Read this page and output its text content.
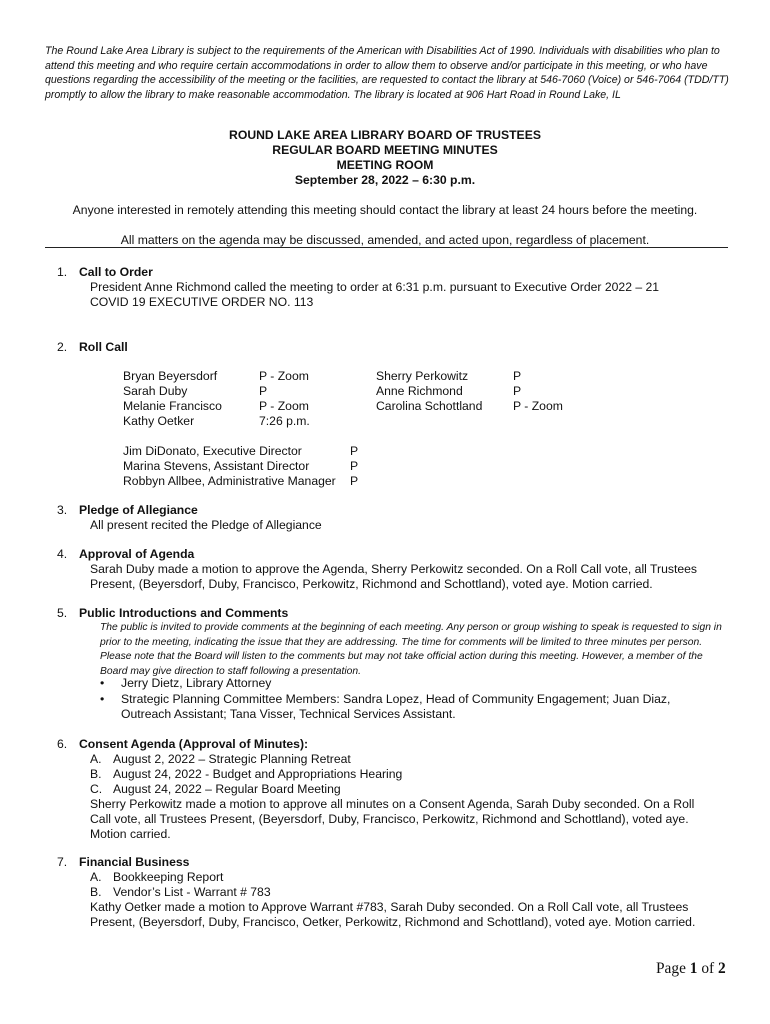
The Round Lake Area Library is subject to the requirements of the American with Disabilities Act of 1990. Individuals with disabilities who plan to attend this meeting and who require certain accommodations in order to allow them to observe and/or participate in this meeting, or who have questions regarding the accessibility of the meeting or the facilities, are requested to contact the library at 546-7060 (Voice) or 546-7064 (TDD/TT) promptly to allow the library to make reasonable accommodation. The library is located at 906 Hart Road in Round Lake, IL
ROUND LAKE AREA LIBRARY BOARD OF TRUSTEES
REGULAR BOARD MEETING MINUTES
MEETING ROOM
September 28, 2022 – 6:30 p.m.
Anyone interested in remotely attending this meeting should contact the library at least 24 hours before the meeting.
All matters on the agenda may be discussed, amended, and acted upon, regardless of placement.
1. Call to Order
President Anne Richmond called the meeting to order at 6:31 p.m. pursuant to Executive Order 2022 – 21
COVID 19 EXECUTIVE ORDER NO. 113
2. Roll Call
Bryan Beyersdorf
Sarah Duby
Melanie Francisco
Kathy Oetker
P - Zoom
P
P - Zoom
7:26 p.m.
Sherry Perkowitz
Anne Richmond
Carolina Schottland
P
P
P - Zoom
Jim DiDonato, Executive Director
Marina Stevens, Assistant Director
Robbyn Allbee, Administrative Manager
P
P
P
3. Pledge of Allegiance
All present recited the Pledge of Allegiance
4. Approval of Agenda
Sarah Duby made a motion to approve the Agenda, Sherry Perkowitz seconded. On a Roll Call vote, all Trustees
Present, (Beyersdorf, Duby, Francisco, Perkowitz, Richmond and Schottland), voted aye. Motion carried.
5. Public Introductions and Comments
The public is invited to provide comments at the beginning of each meeting. Any person or group wishing to speak is requested to sign in prior to the meeting, indicating the issue that they are addressing. The time for comments will be limited to three minutes per person. Please note that the Board will listen to the comments but may not take official action during this meeting. However, a member of the Board may give direction to staff following a presentation.
•	Jerry Dietz, Library Attorney
•	Strategic Planning Committee Members: Sandra Lopez, Head of Community Engagement; Juan Diaz,
Outreach Assistant; Tana Visser, Technical Services Assistant.
6. Consent Agenda (Approval of Minutes):
A. August 2, 2022 – Strategic Planning Retreat
B. August 24, 2022 - Budget and Appropriations Hearing
C. August 24, 2022 – Regular Board Meeting
Sherry Perkowitz made a motion to approve all minutes on a Consent Agenda, Sarah Duby seconded. On a Roll
Call vote, all Trustees Present, (Beyersdorf, Duby, Francisco, Perkowitz, Richmond and Schottland), voted aye.
Motion carried.
7. Financial Business
A. Bookkeeping Report
B. Vendor’s List - Warrant # 783
Kathy Oetker made a motion to Approve Warrant #783, Sarah Duby seconded. On a Roll Call vote, all Trustees
Present, (Beyersdorf, Duby, Francisco, Oetker, Perkowitz, Richmond and Schottland), voted aye. Motion carried.
Page 1 of 2
